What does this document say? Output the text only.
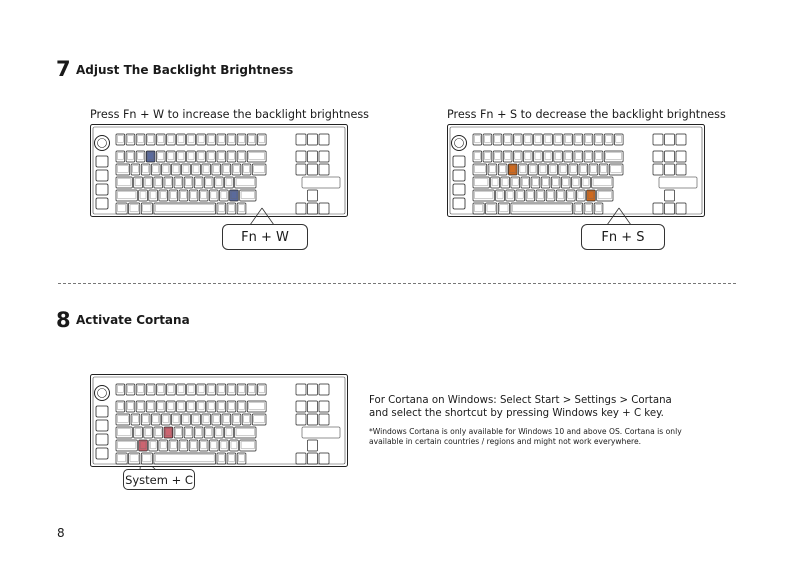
7 Adjust The Backlight Brightness
Press Fn + W to increase the backlight brightness	Press Fn + S to decrease the backlight brightness
Fn + W	Fn + S
8 Activate Cortana
System + C
For Cortana on Windows: Select Start > Settings > Cortana and select the shortcut by pressing Windows key + C key.
*Windows Cortana is only available for Windows 10 and above OS. Cortana is only available in certain countries / regions and might not work everywhere.
8
